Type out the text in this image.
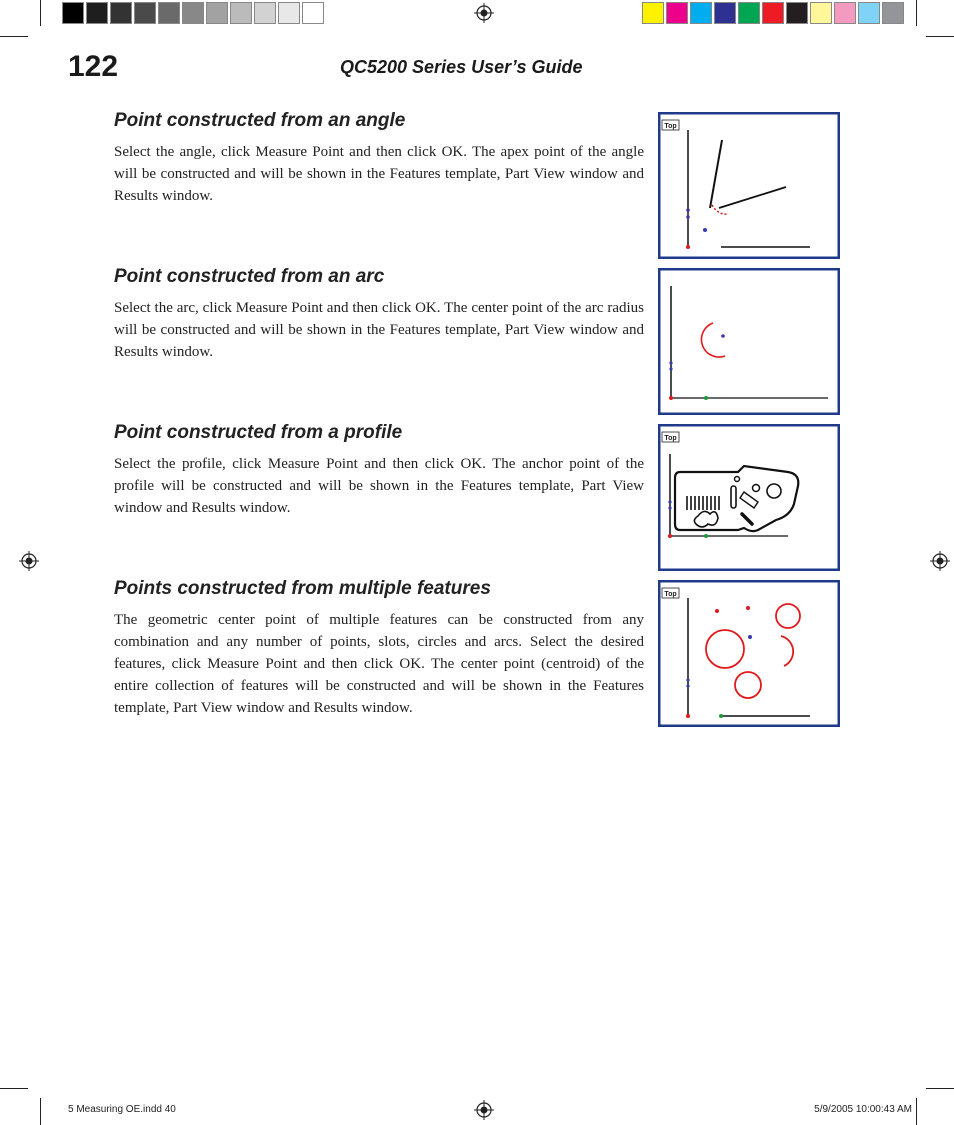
122	QC5200 Series User’s Guide
Point constructed from an angle
Select the angle, click Measure Point and then click OK. The apex point of the angle will be constructed and will be shown in the Features template, Part View window and Results window.
Point constructed from an arc
Select the arc, click Measure Point and then click OK. The center point of the arc radius will be constructed and will be shown in the Features template, Part View window and Results window.
Point constructed from a profile
Select the profile, click Measure Point and then click OK. The anchor point of the profile will be constructed and will be shown in the Features template, Part View window and Results window.
Points constructed from multiple features
The geometric center point of multiple features can be constructed from any combination and any number of points, slots, circles and arcs. Select the desired features, click Measure Point and then click OK. The center point (centroid) of the entire collection of features will be constructed and will be shown in the Features template, Part View window and Results window.
Top
Top
Top
5 Measuring OE.indd 40	5/9/2005 10:00:43 AM
